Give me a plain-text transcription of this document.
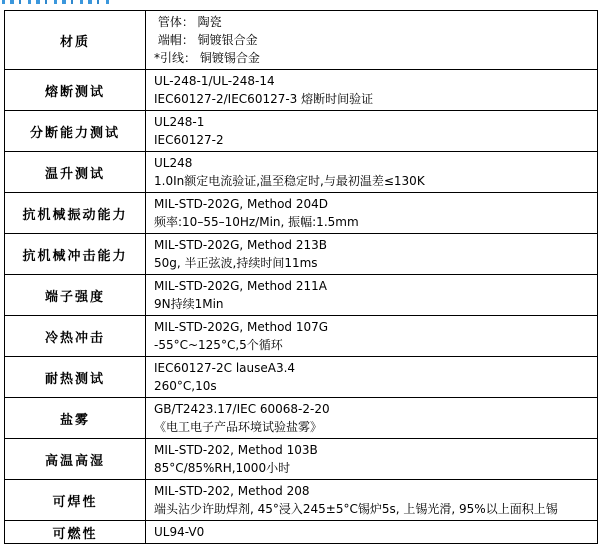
材质	管体： 陶瓷
端帽： 铜镀银合金
*引线： 铜镀锡合金

熔断测试	UL-248-1/UL-248-14
IEC60127-2/IEC60127-3 熔断时间验证

分断能力测试	UL248-1
IEC60127-2

温升测试	UL248
1.0In额定电流验证,温至稳定时,与最初温差≤130K

抗机械振动能力	MIL-STD-202G, Method 204D
频率:10–55–10Hz/Min, 振幅:1.5mm

抗机械冲击能力	MIL-STD-202G, Method 213B
50g, 半正弦波,持续时间11ms

端子强度	MIL-STD-202G, Method 211A
9N持续1Min

冷热冲击	MIL-STD-202G, Method 107G
-55°C~125°C,5个循环

耐热测试	IEC60127-2C lauseA3.4
260°C,10s

盐雾	GB/T2423.17/IEC 60068-2-20
《电工电子产品环境试验盐雾》

高温高湿	MIL-STD-202, Method 103B
85°C/85%RH,1000小时

可焊性	MIL-STD-202, Method 208
端头沾少许助焊剂, 45°浸入245±5°C锡炉5s, 上锡光滑, 95%以上面积上锡

可燃性	UL94-V0
